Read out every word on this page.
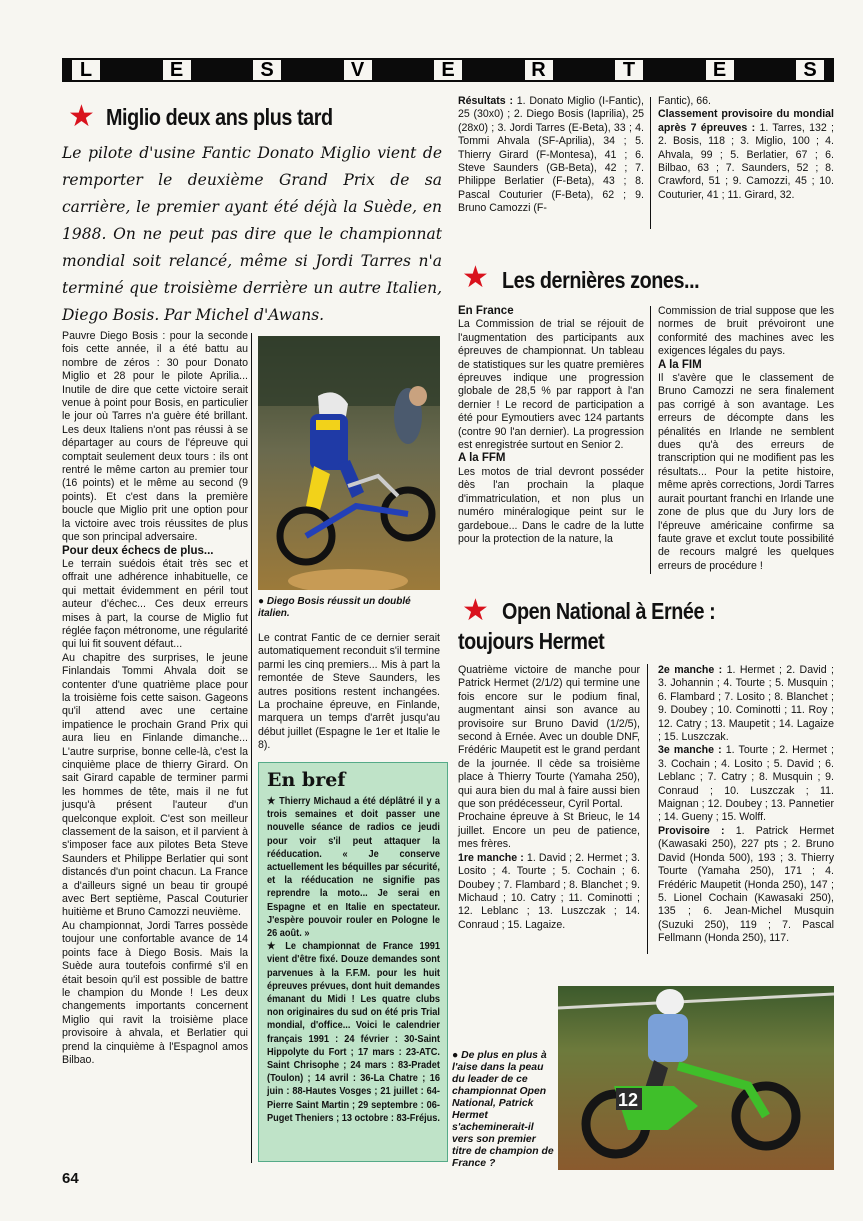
L	E	S	V	E	R	T	E	S
★ Miglio deux ans plus tard
Le pilote d'usine Fantic Donato Miglio vient de remporter le deuxième Grand Prix de sa carrière, le premier ayant été déjà la Suède, en 1988. On ne peut pas dire que le championnat mondial soit relancé, même si Jordi Tarres n'a terminé que troisième derrière un autre Italien, Diego Bosis. Par Michel d'Awans.
Pauvre Diego Bosis : pour la seconde fois cette année, il a été battu au nombre de zéros : 30 pour Donato Miglio et 28 pour le pilote Aprilia... Inutile de dire que cette victoire serait venue à point pour Bosis, en particulier le jour où Tarres n'a guère été brillant. Les deux Italiens n'ont pas réussi à se départager au cours de l'épreuve qui comptait seulement deux tours : ils ont rentré le même carton au premier tour (16 points) et le même au second (9 points). Et c'est dans la première boucle que Miglio prit une option pour la victoire avec trois réussites de plus que son principal adversaire.
Pour deux échecs de plus...
Le terrain suédois était très sec et offrait une adhérence inhabituelle, ce qui mettait évidemment en péril tout auteur d'échec... Ces deux erreurs mises à part, la course de Miglio fut réglée façon métronome, une régularité qui lui fit souvent défaut...
Au chapitre des surprises, le jeune Finlandais Tommi Ahvala doit se contenter d'une quatrième place pour la troisième fois cette saison. Gageons qu'il attend avec une certaine impatience le prochain Grand Prix qui aura lieu en Finlande dimanche... L'autre surprise, bonne celle-là, c'est la cinquième place de thierry Girard. On sait Girard capable de terminer parmi les hommes de tête, mais il ne fut jusqu'à présent l'auteur d'un quelconque exploit. C'est son meilleur classement de la saison, et il parvient à s'imposer face aux pilotes Beta Steve Saunders et Philippe Berlatier qui sont distancés d'un point chacun. La France a d'ailleurs signé un beau tir groupé avec Bert septième, Pascal Couturier huitième et Bruno Camozzi neuvième.
Au championnat, Jordi Tarres possède toujour une confortable avance de 14 points face à Diego Bosis. Mais la Suède aura toutefois confirmé s'il en était besoin qu'il est possible de battre le champion du Monde ! Les deux changements importants concernent Miglio qui ravit la troisième place provisoire à ahvala, et Berlatier qui prend la cinquième à l'Espagnol amos Bilbao.
● Diego Bosis réussit un doublé italien.
Le contrat Fantic de ce dernier serait automatiquement reconduit s'il termine parmi les cinq premiers... Mis à part la remontée de Steve Saunders, les autres positions restent inchangées. La prochaine épreuve, en Finlande, marquera un temps d'arrêt jusqu'au début juillet (Espagne le 1er et Italie le 8).
En bref
★ Thierry Michaud a été déplâtré il y a trois semaines et doit passer une nouvelle séance de radios ce jeudi pour voir s'il peut attaquer la rééducation. « Je conserve actuellement les béquilles par sécurité, et la rééducation ne signifie pas reprendre la moto... Je serai en Espagne et en Italie en spectateur. J'espère pouvoir rouler en Pologne le 26 août. »
★ Le championnat de France 1991 vient d'être fixé. Douze demandes sont parvenues à la F.F.M. pour les huit épreuves prévues, dont huit demandes émanant du Midi ! Les quatre clubs non originaires du sud on été pris Trial mondial, d'office... Voici le calendrier français 1991 : 24 février : 30-Saint Hippolyte du Fort ; 17 mars : 23-ATC. Saint Chrisophe ; 24 mars : 83-Pradet (Toulon) ; 14 avril : 36-La Chatre ; 16 juin : 88-Hautes Vosges ; 21 juillet : 64-Pierre Saint Martin ; 29 septembre : 06-Puget Theniers ; 13 octobre : 83-Fréjus.
Résultats : 1. Donato Miglio (I-Fantic), 25 (30x0) ; 2. Diego Bosis (Iaprilia), 25 (28x0) ; 3. Jordi Tarres (E-Beta), 33 ; 4. Tommi Ahvala (SF-Aprilia), 34 ; 5. Thierry Girard (F-Montesa), 41 ; 6. Steve Saunders (GB-Beta), 42 ; 7. Philippe Berlatier (F-Beta), 43 ; 8. Pascal Couturier (F-Beta), 62 ; 9. Bruno Camozzi (F-
Fantic), 66.
Classement provisoire du mondial après 7 épreuves : 1. Tarres, 132 ; 2. Bosis, 118 ; 3. Miglio, 100 ; 4. Ahvala, 99 ; 5. Berlatier, 67 ; 6. Bilbao, 63 ; 7. Saunders, 52 ; 8. Crawford, 51 ; 9. Camozzi, 45 ; 10. Couturier, 41 ; 11. Girard, 32.
★ Les dernières zones...
En France
La Commission de trial se réjouit de l'augmentation des participants aux épreuves de championnat. Un tableau de statistiques sur les quatre premières épreuves indique une progression globale de 28,5 % par rapport à l'an dernier ! Le record de participation a été pour Eymoutiers avec 124 partants (contre 90 l'an dernier). La progression est enregistrée surtout en Senior 2.
A la FFM
Les motos de trial devront posséder dès l'an prochain la plaque d'immatriculation, et non plus un numéro minéralogique peint sur le gardeboue... Dans le cadre de la lutte pour la protection de la nature, la
Commission de trial suppose que les normes de bruit prévoiront une conformité des machines avec les exigences légales du pays.
A la FIM
Il s'avère que le classement de Bruno Camozzi ne sera finalement pas corrigé à son avantage. Les erreurs de décompte dans les pénalités en Irlande ne semblent dues qu'à des erreurs de transcription qui ne modifient pas les résultats... Pour la petite histoire, même après corrections, Jordi Tarres aurait pourtant franchi en Irlande une zone de plus que du Jury lors de l'épreuve américaine confirme sa faute grave et exclut toute possibilité de recours malgré les quelques erreurs de procédure !
★ Open National à Ernée :
toujours Hermet
Quatrième victoire de manche pour Patrick Hermet (2/1/2) qui termine une fois encore sur le podium final, augmentant ainsi son avance au provisoire sur Bruno David (1/2/5), second à Ernée. Avec un double DNF, Frédéric Maupetit est le grand perdant de la journée. Il cède sa troisième place à Thierry Tourte (Yamaha 250), qui aura bien du mal à faire aussi bien que son prédécesseur, Cyril Portal.
Prochaine épreuve à St Brieuc, le 14 juillet. Encore un peu de patience, mes frères.
1re manche : 1. David ; 2. Hermet ; 3. Losito ; 4. Tourte ; 5. Cochain ; 6. Doubey ; 7. Flambard ; 8. Blanchet ; 9. Michaud ; 10. Catry ; 11. Cominotti ; 12. Leblanc ; 13. Luszczak ; 14. Conraud ; 15. Lagaize.
2e manche : 1. Hermet ; 2. David ; 3. Johannin ; 4. Tourte ; 5. Musquin ; 6. Flambard ; 7. Losito ; 8. Blanchet ; 9. Doubey ; 10. Cominotti ; 11. Roy ; 12. Catry ; 13. Maupetit ; 14. Lagaize ; 15. Luszczak.
3e manche : 1. Tourte ; 2. Hermet ; 3. Cochain ; 4. Losito ; 5. David ; 6. Leblanc ; 7. Catry ; 8. Musquin ; 9. Conraud ; 10. Luszczak ; 11. Maignan ; 12. Doubey ; 13. Pannetier ; 14. Gueny ; 15. Wolff.
Provisoire : 1. Patrick Hermet (Kawasaki 250), 227 pts ; 2. Bruno David (Honda 500), 193 ; 3. Thierry Tourte (Yamaha 250), 171 ; 4. Frédéric Maupetit (Honda 250), 147 ; 5. Lionel Cochain (Kawasaki 250), 135 ; 6. Jean-Michel Musquin (Suzuki 250), 119 ; 7. Pascal Fellmann (Honda 250), 117.
12
● De plus en plus à l'aise dans la peau du leader de ce championnat Open National, Patrick Hermet s'acheminerait-il vers son premier titre de champion de France ?
64
